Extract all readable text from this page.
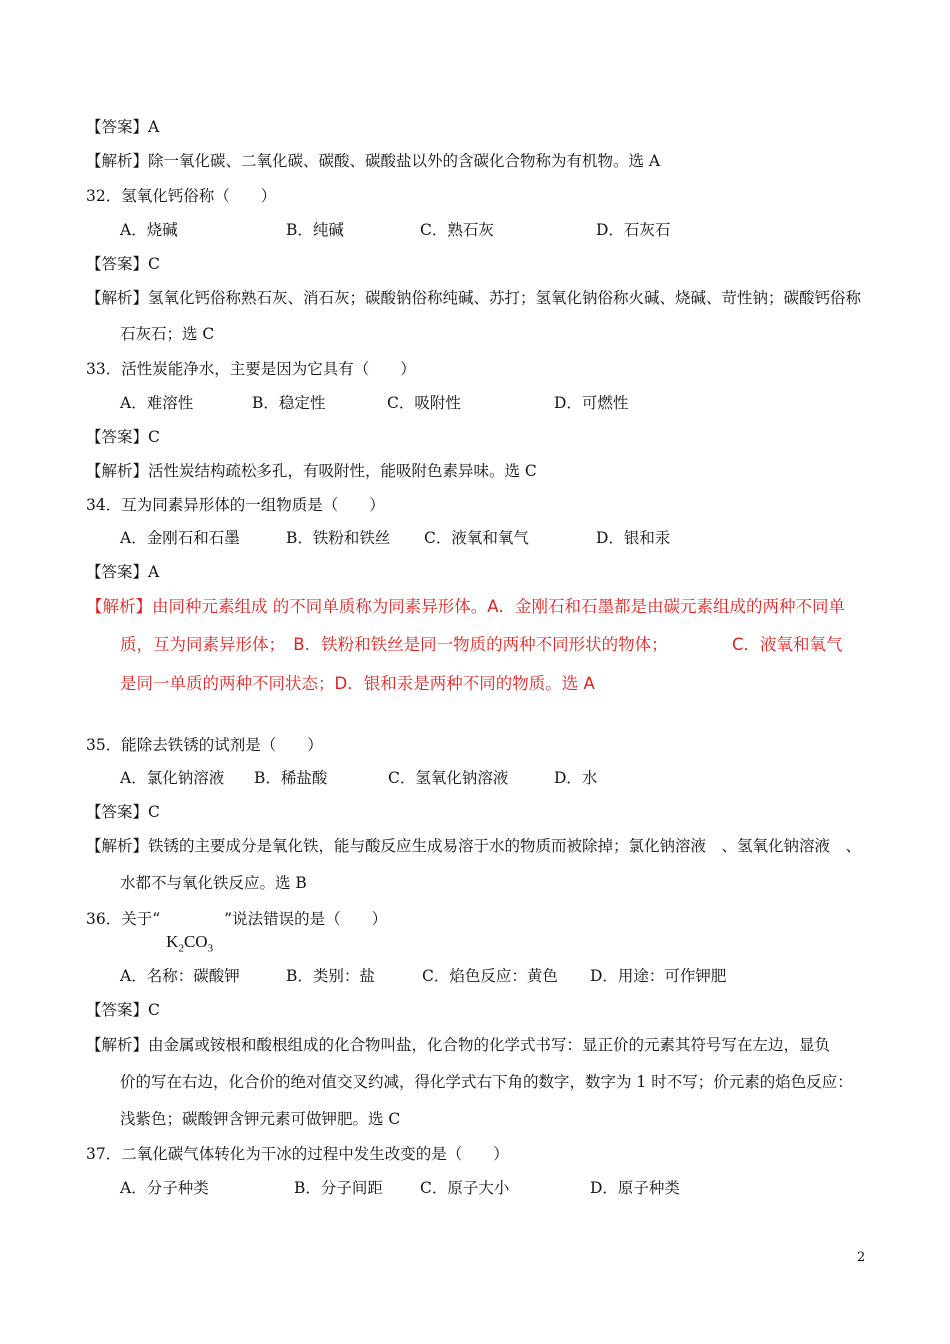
【答案】A
【解析】除一氧化碳、二氧化碳、碳酸、碳酸盐以外的含碳化合物称为有机物。选 A
32．氢氧化钙俗称（　　）
A．烧碱	B．纯碱	C．熟石灰	D．石灰石
【答案】C
【解析】氢氧化钙俗称熟石灰、消石灰；碳酸钠俗称纯碱、苏打；氢氧化钠俗称火碱、烧碱、苛性钠；碳酸钙俗称
石灰石；选 C
33．活性炭能净水，主要是因为它具有（　　）
A．难溶性	B．稳定性	C．吸附性	D．可燃性
【答案】C
【解析】活性炭结构疏松多孔，有吸附性，能吸附色素异味。选 C
34．互为同素异形体的一组物质是（　　）
A．金刚石和石墨	B．铁粉和铁丝 C．液氧和氧气	D．银和汞
【答案】A
【解析】由同种元素组成 的不同单质称为同素异形体。A．金刚石和石墨都是由碳元素组成的两种不同单
质，互为同素异形体；　B．铁粉和铁丝是同一物质的两种不同形状的物体；	C．液氧和氧气
是同一单质的两种不同状态；D．银和汞是两种不同的物质。选 A
35．能除去铁锈的试剂是（　　）
A．氯化钠溶液 B．稀盐酸	C．氢氧化钠溶液	D．水
【答案】C
【解析】铁锈的主要成分是氧化铁，能与酸反应生成易溶于水的物质而被除掉；氯化钠溶液　、氢氧化钠溶液　、
水都不与氧化铁反应。选 B
36．关于“
$K_2CO_3$
”说法错误的是（　　）
A．名称：碳酸钾	B．类别：盐	C．焰色反应：黄色 D．用途：可作钾肥
【答案】C
【解析】由金属或铵根和酸根组成的化合物叫盐，化合物的化学式书写：显正价的元素其符号写在左边，显负
价的写在右边，化合价的绝对值交叉约减，得化学式右下角的数字，数字为 1 时不写；价元素的焰色反应：
浅紫色；碳酸钾含钾元素可做钾肥。选 C
37．二氧化碳气体转化为干冰的过程中发生改变的是（　　）
A．分子种类	B．分子间距 C．原子大小	D．原子种类
2
